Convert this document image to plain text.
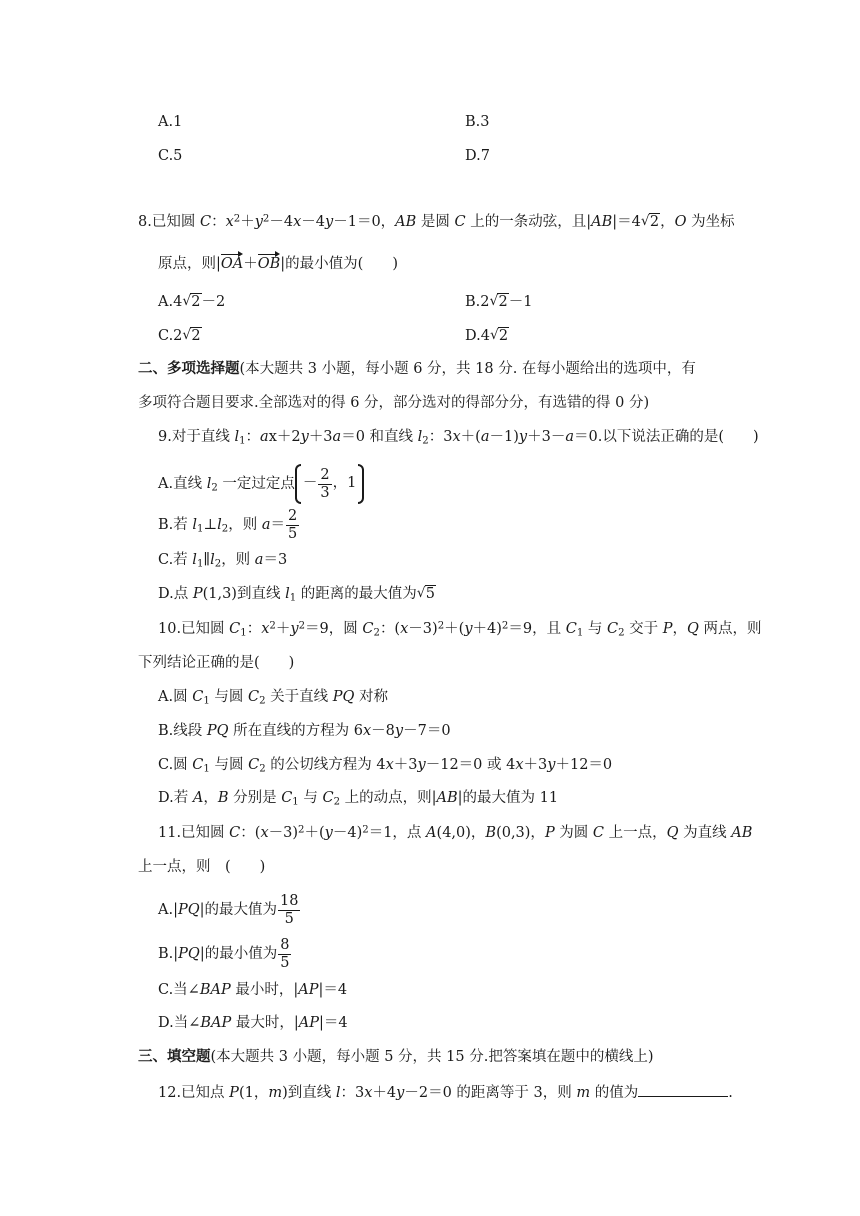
A.1	B.3
C.5	D.7
8.已知圆 C：$x^2+y^2-4x-4y-1=0$，AB 是圆 C 上的一条动弦，且|AB|＝4 √ 2，O 为坐标
原点，则|OA＋OB|的最小值为(　　)
A.4 √ 2－2	B.2 √ 2－1
C.2 √ 2	D.4 √ 2
二、多项选择题(本大题共 3 小题，每小题 6 分，共 18 分. 在每小题给出的选项中，有
多项符合题目要求.全部选对的得 6 分，部分选对的得部分分，有选错的得 0 分)
9.对于直线 $l_1$：ax＋2y＋3a＝0 和直线 $l_2$：3x＋(a－1)y＋3－a＝0.以下说法正确的是(　　)
A.直线 $l_2$ 一定过定点 － $\frac{2}{3}$ ，1
B.若 $l_1\perp l_2$，则 $a= \frac{2}{5}$
C.若 $l_1\parallel l_2$，则 a＝3
D.点 P(1,3)到直线 $l_1$ 的距离的最大值为 √ 5
10.已知圆 $C_1$：$x^2+y^2=9$，圆 $C_2$：$(x-3)^2+(y+4)^2=9$，且 $C_1$ 与 $C_2$ 交于 P，Q 两点，则
下列结论正确的是(　　)
A.圆 $C_1$ 与圆 $C_2$ 关于直线 PQ 对称
B.线段 PQ 所在直线的方程为 6x－8y－7＝0
C.圆 $C_1$ 与圆 $C_2$ 的公切线方程为 4x＋3y－12＝0 或 4x＋3y＋12＝0
D.若 A，B 分别是 $C_1$ 与 $C_2$ 上的动点，则|AB|的最大值为 11
11.已知圆 C：$(x-3)^2+(y-4)^2=1$，点 A(4,0)，B(0,3)，P 为圆 C 上一点，Q 为直线 AB
上一点，则　(　　)
A.|PQ|的最大值为 $\frac{18}{5}$
B.|PQ|的最小值为 $\frac{8}{5}$
C.当∠BAP 最小时，|AP|＝4
D.当∠BAP 最大时，|AP|＝4
三、填空题(本大题共 3 小题，每小题 5 分，共 15 分.把答案填在题中的横线上)
12.已知点 P(1，m)到直线 l：3x＋4y－2＝0 的距离等于 3，则 m 的值为	.
